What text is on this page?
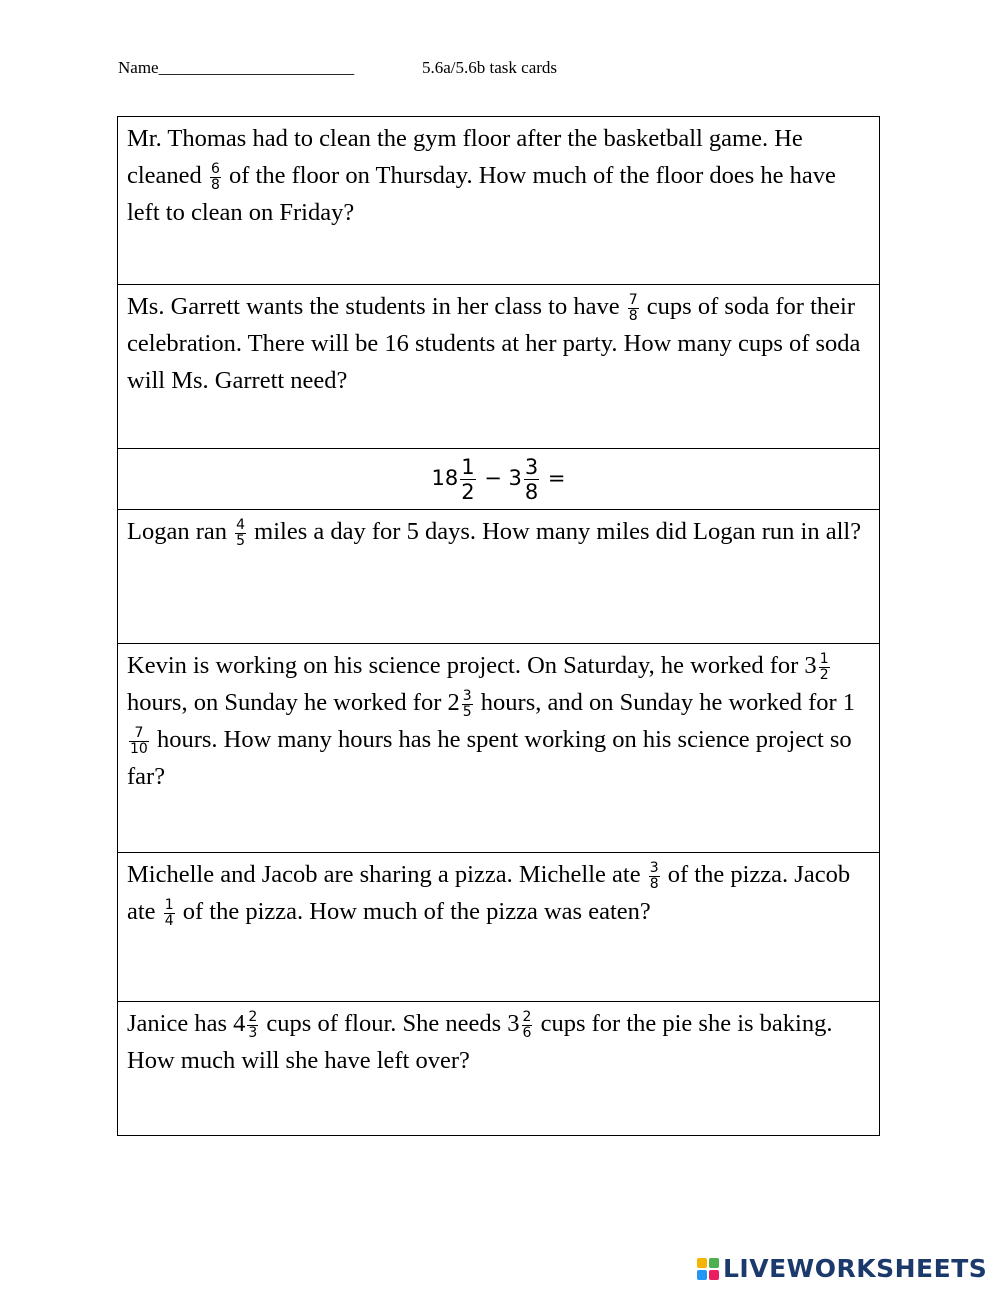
Name_______________________	5.6a/5.6b task cards
Mr. Thomas had to clean the gym floor after the basketball game. He cleaned $\frac{6}{8}$ of the floor on Thursday. How much of the floor does he have left to clean on Friday?
Ms. Garrett wants the students in her class to have $\frac{7}{8}$ cups of soda for their celebration. There will be 16 students at her party. How many cups of soda will Ms. Garrett need?
$18 \frac{1}{2} - 3 \frac{3}{8}$ =
Logan ran $\frac{4}{5}$ miles a day for 5 days. How many miles did Logan run in all?
Kevin is working on his science project. On Saturday, he worked for $3 \frac{1}{2}$
hours, on Sunday he worked for $2 \frac{3}{5}$ hours, and on Sunday he worked for 1
$\frac{7}{10}$ hours. How many hours has he spent working on his science project so far?
Michelle and Jacob are sharing a pizza. Michelle ate $\frac{3}{8}$ of the pizza. Jacob ate $\frac{1}{4}$ of the pizza. How much of the pizza was eaten?
Janice has $4 \frac{2}{3}$ cups of flour. She needs $3 \frac{2}{6}$ cups for the pie she is baking. How much will she have left over?
LIVEWORKSHEETS
